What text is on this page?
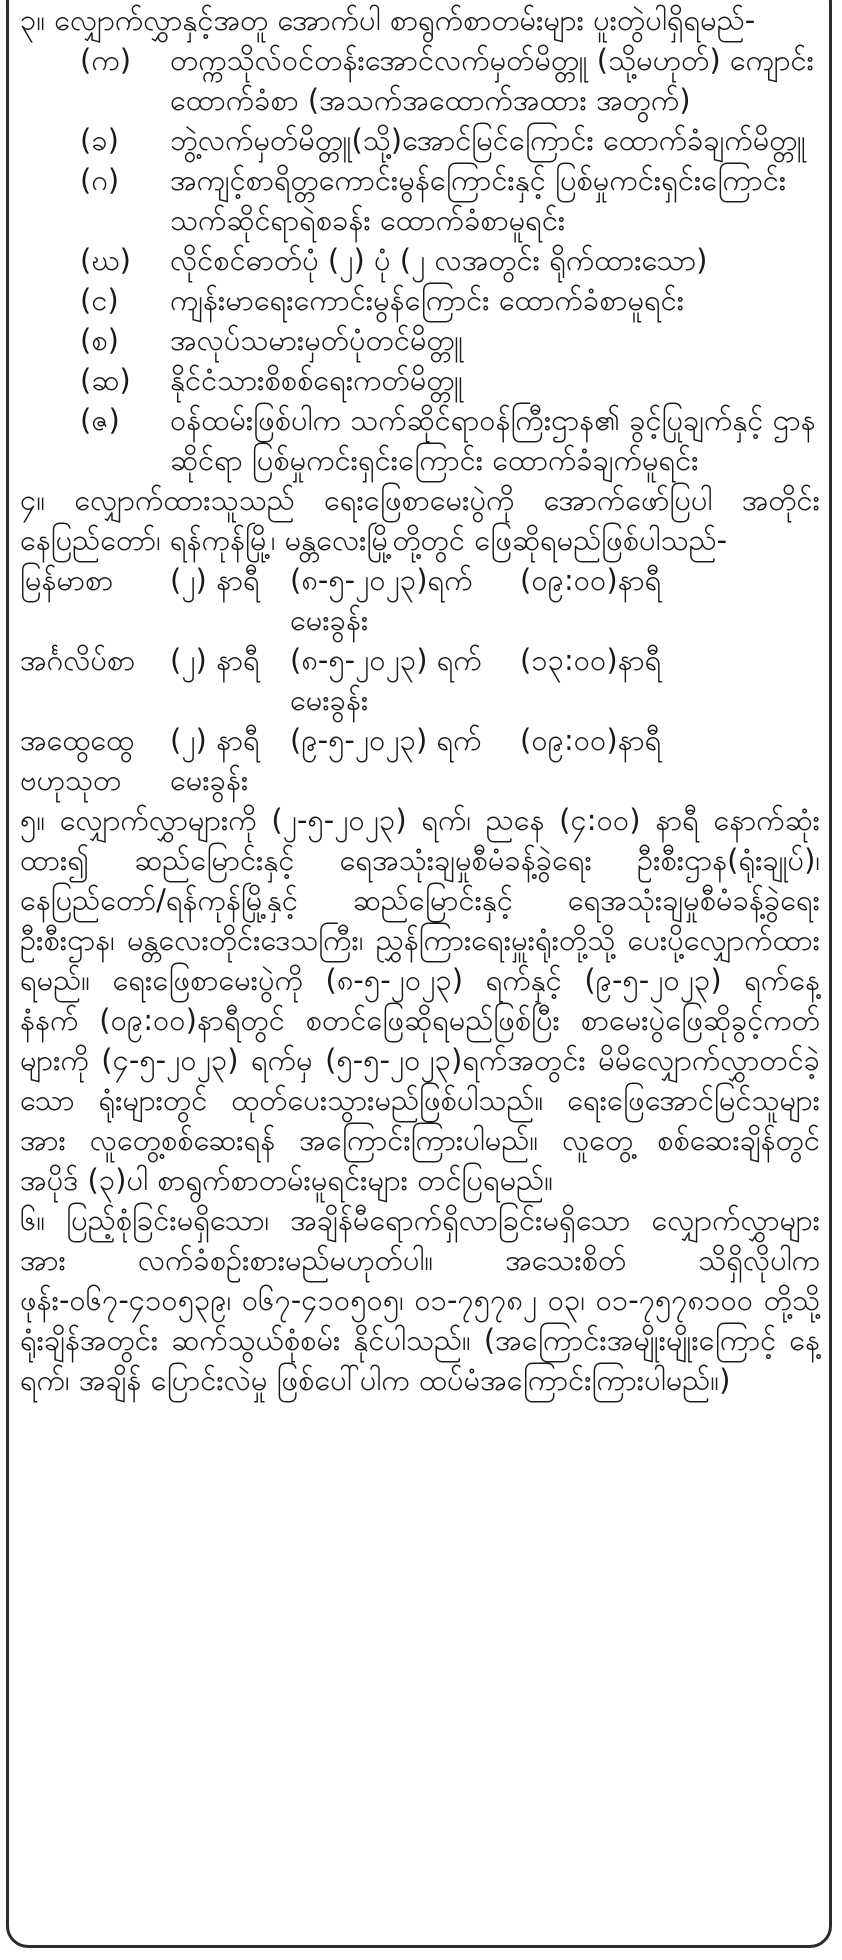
၃။ လျှောက်လွှာနှင့်အတူ အောက်ပါ စာရွက်စာတမ်းများ ပူးတွဲပါရှိရမည်-

(က)	တက္ကသိုလ်ဝင်တန်းအောင်လက်မှတ်မိတ္တူ (သို့မဟုတ်) ကျောင်းထောက်ခံစာ (အသက်အထောက်အထား အတွက်)
(ခ)	ဘွဲ့လက်မှတ်မိတ္တူ(သို့)အောင်မြင်ကြောင်း ထောက်ခံချက်မိတ္တူ
(ဂ)	အကျင့်စာရိတ္တကောင်းမွန်ကြောင်းနှင့် ပြစ်မှုကင်းရှင်းကြောင်း သက်ဆိုင်ရာရဲစခန်း ထောက်ခံစာမူရင်း
(ဃ)	လိုင်စင်ဓာတ်ပုံ (၂) ပုံ (၂ လအတွင်း ရိုက်ထားသော)
(င)	ကျန်းမာရေးကောင်းမွန်ကြောင်း ထောက်ခံစာမူရင်း
(စ)	အလုပ်သမားမှတ်ပုံတင်မိတ္တူ
(ဆ)	နိုင်ငံသားစိစစ်ရေးကတ်မိတ္တူ
(ဇ)	ဝန်ထမ်းဖြစ်ပါက သက်ဆိုင်ရာဝန်ကြီးဌာန၏ ခွင့်ပြုချက်နှင့် ဌာနဆိုင်ရာ ပြစ်မှုကင်းရှင်းကြောင်း ထောက်ခံချက်မူရင်း

၄။ လျှောက်ထားသူသည် ရေးဖြေစာမေးပွဲကို အောက်ဖော်ပြပါ အတိုင်း နေပြည်တော်၊ ရန်ကုန်မြို့၊ မန္တလေးမြို့တို့တွင် ဖြေဆိုရမည်ဖြစ်ပါသည်-

မြန်မာစာ	(၂) နာရီ	(၈-၅-၂၀၂၃)ရက်	(၀၉:၀၀)နာရီ
မေးခွန်း
အင်္ဂလိပ်စာ	(၂) နာရီ	(၈-၅-၂၀၂၃) ရက်	(၁၃:၀၀)နာရီ
မေးခွန်း
အထွေထွေ	(၂) နာရီ	(၉-၅-၂၀၂၃) ရက်	(၀၉:၀၀)နာရီ
ဗဟုသုတ	မေးခွန်း

၅။ လျှောက်လွှာများကို (၂-၅-၂၀၂၃) ရက်၊ ညနေ (၄:၀၀) နာရီ နောက်ဆုံးထား၍ ဆည်မြောင်းနှင့် ရေအသုံးချမှုစီမံခန့်ခွဲရေး ဦးစီးဌာန(ရုံးချုပ်)၊ နေပြည်တော်/ရန်ကုန်မြို့နှင့် ဆည်မြောင်းနှင့် ရေအသုံးချမှုစီမံခန့်ခွဲရေးဦးစီးဌာန၊ မန္တလေးတိုင်းဒေသကြီး၊ ညွှန်ကြားရေးမှူးရုံးတို့သို့ ပေးပို့လျှောက်ထားရမည်။ ရေးဖြေစာမေးပွဲကို (၈-၅-၂၀၂၃) ရက်နှင့် (၉-၅-၂၀၂၃) ရက်နေ့ နံနက် (၀၉:၀၀)နာရီတွင် စတင်ဖြေဆိုရမည်ဖြစ်ပြီး စာမေးပွဲဖြေဆိုခွင့်ကတ်များကို (၄-၅-၂၀၂၃) ရက်မှ (၅-၅-၂၀၂၃)ရက်အတွင်း မိမိလျှောက်လွှာတင်ခဲ့သော ရုံးများတွင် ထုတ်ပေးသွားမည်ဖြစ်ပါသည်။ ရေးဖြေအောင်မြင်သူများအား လူတွေ့စစ်ဆေးရန် အကြောင်းကြားပါမည်။ လူတွေ့ စစ်ဆေးချိန်တွင် အပိုဒ် (၃)ပါ စာရွက်စာတမ်းမူရင်းများ တင်ပြရမည်။

၆။ ပြည့်စုံခြင်းမရှိသော၊ အချိန်မီရောက်ရှိလာခြင်းမရှိသော လျှောက်လွှာများအား လက်ခံစဉ်းစားမည်မဟုတ်ပါ။ အသေးစိတ် သိရှိလိုပါက ဖုန်း-၀၆၇-၄၁၀၅၃၉၊ ၀၆၇-၄၁၀၅၀၅၊ ၀၁-၇၅၇၈၂ ၀၃၊ ၀၁-၇၅၇၈၁၀၀ တို့သို့ ရုံးချိန်အတွင်း ဆက်သွယ်စုံစမ်း နိုင်ပါသည်။ (အကြောင်းအမျိုးမျိုးကြောင့် နေ့ရက်၊ အချိန် ပြောင်းလဲမှု ဖြစ်ပေါ်ပါက ထပ်မံအကြောင်းကြားပါမည်။)
